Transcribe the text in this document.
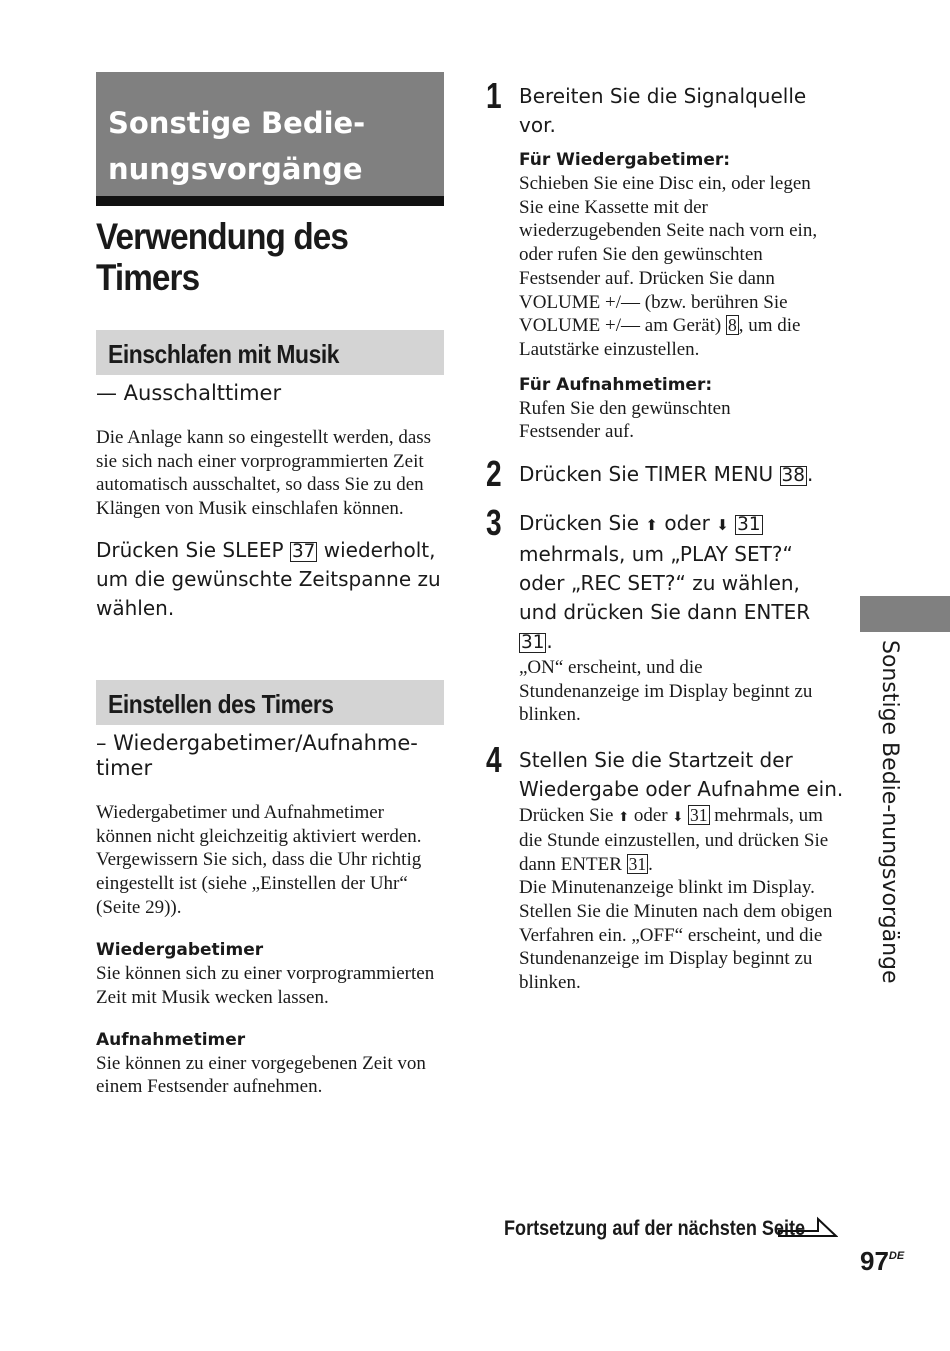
Sonstige Bedie-
nungsvorgänge
Verwendung des
Timers
Einschlafen mit Musik
— Ausschalttimer
Die Anlage kann so eingestellt werden, dass sie sich nach einer vorprogrammierten Zeit automatisch ausschaltet, so dass Sie zu den Klängen von Musik einschlafen können.
Drücken Sie SLEEP 37 wiederholt, um die gewünschte Zeitspanne zu wählen.
Einstellen des Timers
– Wiedergabetimer/Aufnahme-timer
Wiedergabetimer und Aufnahmetimer können nicht gleichzeitig aktiviert werden. Vergewissern Sie sich, dass die Uhr richtig eingestellt ist (siehe „Einstellen der Uhr“ (Seite 29)).
Wiedergabetimer
Sie können sich zu einer vorprogrammierten Zeit mit Musik wecken lassen.
Aufnahmetimer
Sie können zu einer vorgegebenen Zeit von einem Festsender aufnehmen.
1 Bereiten Sie die Signalquelle vor.
Für Wiedergabetimer:
Schieben Sie eine Disc ein, oder legen Sie eine Kassette mit der wiederzugebenden Seite nach vorn ein, oder rufen Sie den gewünschten Festsender auf. Drücken Sie dann VOLUME +/— (bzw. berühren Sie VOLUME +/— am Gerät) 8 , um die Lautstärke einzustellen.
Für Aufnahmetimer:
Rufen Sie den gewünschten Festsender auf.
2 Drücken Sie TIMER MENU 38 .
3 Drücken Sie ⬆ oder ⬇ 31 mehrmals, um „PLAY SET?“ oder „REC SET?“ zu wählen, und drücken Sie dann ENTER 31 .
„ON“ erscheint, und die Stundenanzeige im Display beginnt zu blinken.
4 Stellen Sie die Startzeit der Wiedergabe oder Aufnahme ein.
Drücken Sie ⬆ oder ⬇ 31 mehrmals, um die Stunde einzustellen, und drücken Sie dann ENTER 31 .
Die Minutenanzeige blinkt im Display. Stellen Sie die Minuten nach dem obigen Verfahren ein. „OFF“ erscheint, und die Stundenanzeige im Display beginnt zu blinken.	Sonstige Bedie-nungsvorgänge
Fortsetzung auf der nächsten Seite
97DE
